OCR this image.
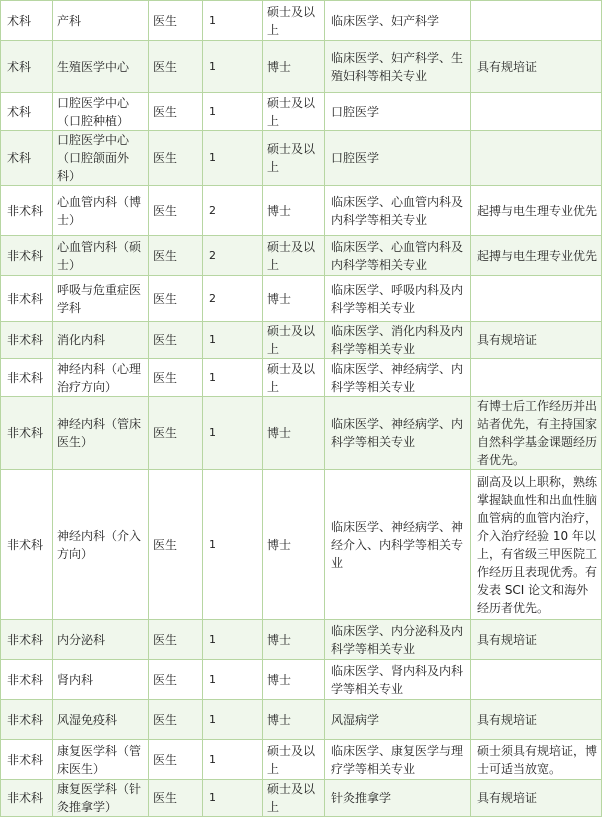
术科	产科	医生	1	硕士及以上	临床医学、妇产科学	
术科	生殖医学中心	医生	1	博士	临床医学、妇产科学、生殖妇科等相关专业	具有规培证
术科	口腔医学中心（口腔种植）	医生	1	硕士及以上	口腔医学	
术科	口腔医学中心（口腔颌面外科）	医生	1	硕士及以上	口腔医学	
非术科	心血管内科（博士）	医生	2	博士	临床医学、心血管内科及内科学等相关专业	起搏与电生理专业优先
非术科	心血管内科（硕士）	医生	2	硕士及以上	临床医学、心血管内科及内科学等相关专业	起搏与电生理专业优先
非术科	呼吸与危重症医学科	医生	2	博士	临床医学、呼吸内科及内科学等相关专业	
非术科	消化内科	医生	1	硕士及以上	临床医学、消化内科及内科学等相关专业	具有规培证
非术科	神经内科（心理治疗方向）	医生	1	硕士及以上	临床医学、神经病学、内科学等相关专业	
非术科	神经内科（管床医生）	医生	1	博士	临床医学、神经病学、内科学等相关专业	有博士后工作经历并出站者优先，有主持国家自然科学基金课题经历者优先。
非术科	神经内科（介入方向）	医生	1	博士	临床医学、神经病学、神经介入、内科学等相关专业	副高及以上职称，熟练掌握缺血性和出血性脑血管病的血管内治疗，介入治疗经验 10 年以上，有省级三甲医院工作经历且表现优秀。有发表 SCI 论文和海外经历者优先。
非术科	内分泌科	医生	1	博士	临床医学、内分泌科及内科学等相关专业	具有规培证
非术科	肾内科	医生	1	博士	临床医学、肾内科及内科学等相关专业	
非术科	风湿免疫科	医生	1	博士	风湿病学	具有规培证
非术科	康复医学科（管床医生）	医生	1	硕士及以上	临床医学、康复医学与理疗学等相关专业	硕士须具有规培证，博士可适当放宽。
非术科	康复医学科（针灸推拿学）	医生	1	硕士及以上	针灸推拿学	具有规培证
